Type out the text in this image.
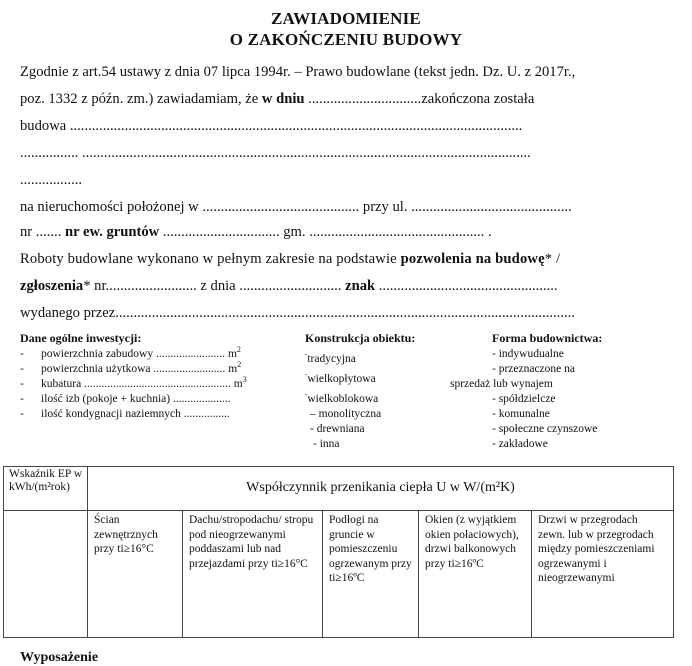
ZAWIADOMIENIE
O ZAKOŃCZENIU BUDOWY
Zgodnie z art.54 ustawy z dnia 07 lipca 1994r. – Prawo budowlane (tekst jedn. Dz. U. z 2017r.,
poz. 1332 z późn. zm.) zawiadamiam, że w dniu ...............................zakończona została
budowa ............................................................................................................................
................ ...........................................................................................................................
.................
na nieruchomości położonej w ........................................... przy ul. ............................................
nr ....... nr ew. gruntów ................................ gm. ................................................ .
Roboty budowlane wykonano w pełnym zakresie na podstawie pozwolenia na budowę* /
zgłoszenia* nr......................... z dnia ............................ znak .................................................
wydanego przez..............................................................................................................................
Dane ogólne inwestycji:
- powierzchnia zabudowy ........................ $m^2$
- powierzchnia użytkowa ......................... $m^2$
- kubatura ................................................... $m^3$
- ilość izb (pokoje + kuchnia) ....................
- ilość kondygnacji naziemnych ................
Konstrukcja obiektu:
-tradycyjna
-wielkopłytowa
-wielkoblokowa
– monolityczna
- drewniana
- inna
Forma budownictwa:
- indywudualne
- przeznaczone na
sprzedaż lub wynajem
- spółdzielcze
- komunalne
- społeczne czynszowe
- zakładowe
Wskaźnik EP w kWh/(m²rok)	Współczynnik przenikania ciepła U w W/(m²K)				
	Ścian zewnętrznych przy ti≥16°C	Dachu/stropodachu/ stropu pod nieogrzewanymi poddaszami lub nad przejazdami przy ti≥16°C	Podłogi na gruncie w pomieszczeniu ogrzewanym przy ti≥16ºC	Okien (z wyjątkiem okien połaciowych), drzwi balkonowych przy ti≥16ºC	Drzwi w przegrodach zewn. lub w przegrodach między pomieszczeniami ogrzewanymi i nieogrzewanymi
Wyposażenie
